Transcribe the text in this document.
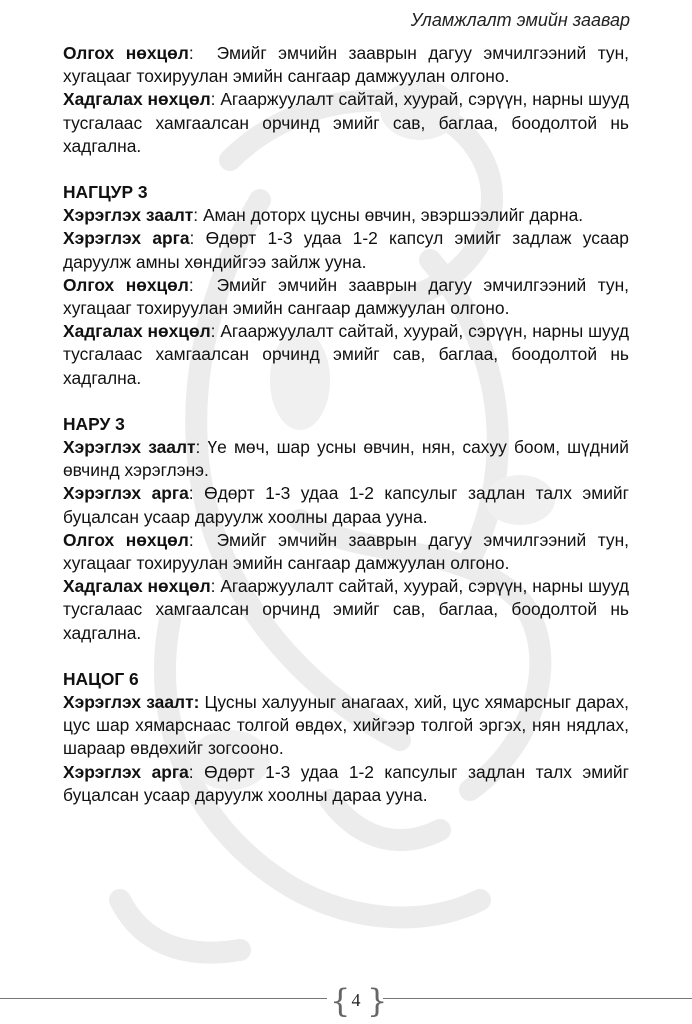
Уламжлалт эмийн заавар

Олгох нөхцөл:  Эмийг эмчийн зааврын дагуу эмчилгээний тун, хугацааг тохируулан эмийн сангаар дамжуулан олгоно.

Хадгалах нөхцөл: Агааржуулалт сайтай, хуурай, сэрүүн, нарны шууд тусгалаас хамгаалсан орчинд эмийг сав, баглаа, боодолтой нь хадгална.

НАГЦУР 3

Хэрэглэх заалт: Аман доторх цусны өвчин, эвэршээлийг дарна.

Хэрэглэх арга: Өдөрт 1-3 удаа 1-2 капсул эмийг задлаж усаар даруулж амны хөндийгээ зайлж ууна.

Олгох нөхцөл:  Эмийг эмчийн зааврын дагуу эмчилгээний тун, хугацааг тохируулан эмийн сангаар дамжуулан олгоно.

Хадгалах нөхцөл: Агааржуулалт сайтай, хуурай, сэрүүн, нарны шууд тусгалаас хамгаалсан орчинд эмийг сав, баглаа, боодолтой нь хадгална.

НАРУ 3

Хэрэглэх заалт: Үе мөч, шар усны өвчин, нян, сахуу боом, шүдний өвчинд хэрэглэнэ.

Хэрэглэх арга: Өдөрт 1-3 удаа 1-2 капсулыг задлан талх эмийг буцалсан усаар даруулж хоолны дараа ууна.

Олгох нөхцөл:  Эмийг эмчийн зааврын дагуу эмчилгээний тун, хугацааг тохируулан эмийн сангаар дамжуулан олгоно.

Хадгалах нөхцөл: Агааржуулалт сайтай, хуурай, сэрүүн, нарны шууд тусгалаас хамгаалсан орчинд эмийг сав, баглаа, боодолтой нь хадгална.

НАЦОГ 6

Хэрэглэх заалт: Цусны халууныг анагаах, хий, цус хямарсныг дарах, цус шар хямарснаас толгой өвдөх, хийгээр толгой эргэх, нян нядлах, шараар өвдөхийг зогсооно.

Хэрэглэх арга: Өдөрт 1-3 удаа 1-2 капсулыг задлан талх эмийг буцалсан усаар даруулж хоолны дараа ууна.

{ }
4
